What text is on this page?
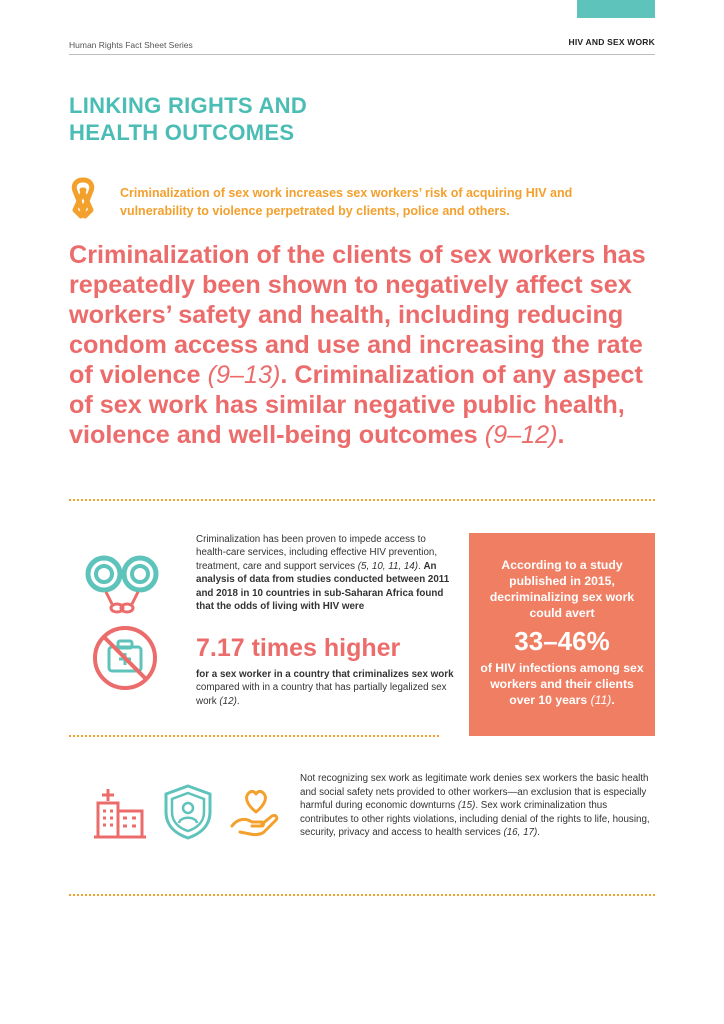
Human Rights Fact Sheet Series	HIV AND SEX WORK
LINKING RIGHTS AND
HEALTH OUTCOMES
Criminalization of sex work increases sex workers’ risk of acquiring HIV and vulnerability to violence perpetrated by clients, police and others.
Criminalization of the clients of sex workers has repeatedly been shown to negatively affect sex workers’ safety and health, including reducing condom access and use and increasing the rate of violence (9–13). Criminalization of any aspect of sex work has similar negative public health, violence and well-being outcomes (9–12).
Criminalization has been proven to impede access to health-care services, including effective HIV prevention, treatment, care and support services (5, 10, 11, 14). An analysis of data from studies conducted between 2011 and 2018 in 10 countries in sub-Saharan Africa found that the odds of living with HIV were
7.17 times higher
for a sex worker in a country that criminalizes sex work compared with in a country that has partially legalized sex work (12).
According to a study published in 2015, decriminalizing sex work could avert
33–46%
of HIV infections among sex workers and their clients over 10 years (11).
Not recognizing sex work as legitimate work denies sex workers the basic health and social safety nets provided to other workers—an exclusion that is especially harmful during economic downturns (15). Sex work criminalization thus contributes to other rights violations, including denial of the rights to life, housing, security, privacy and access to health services (16, 17).
